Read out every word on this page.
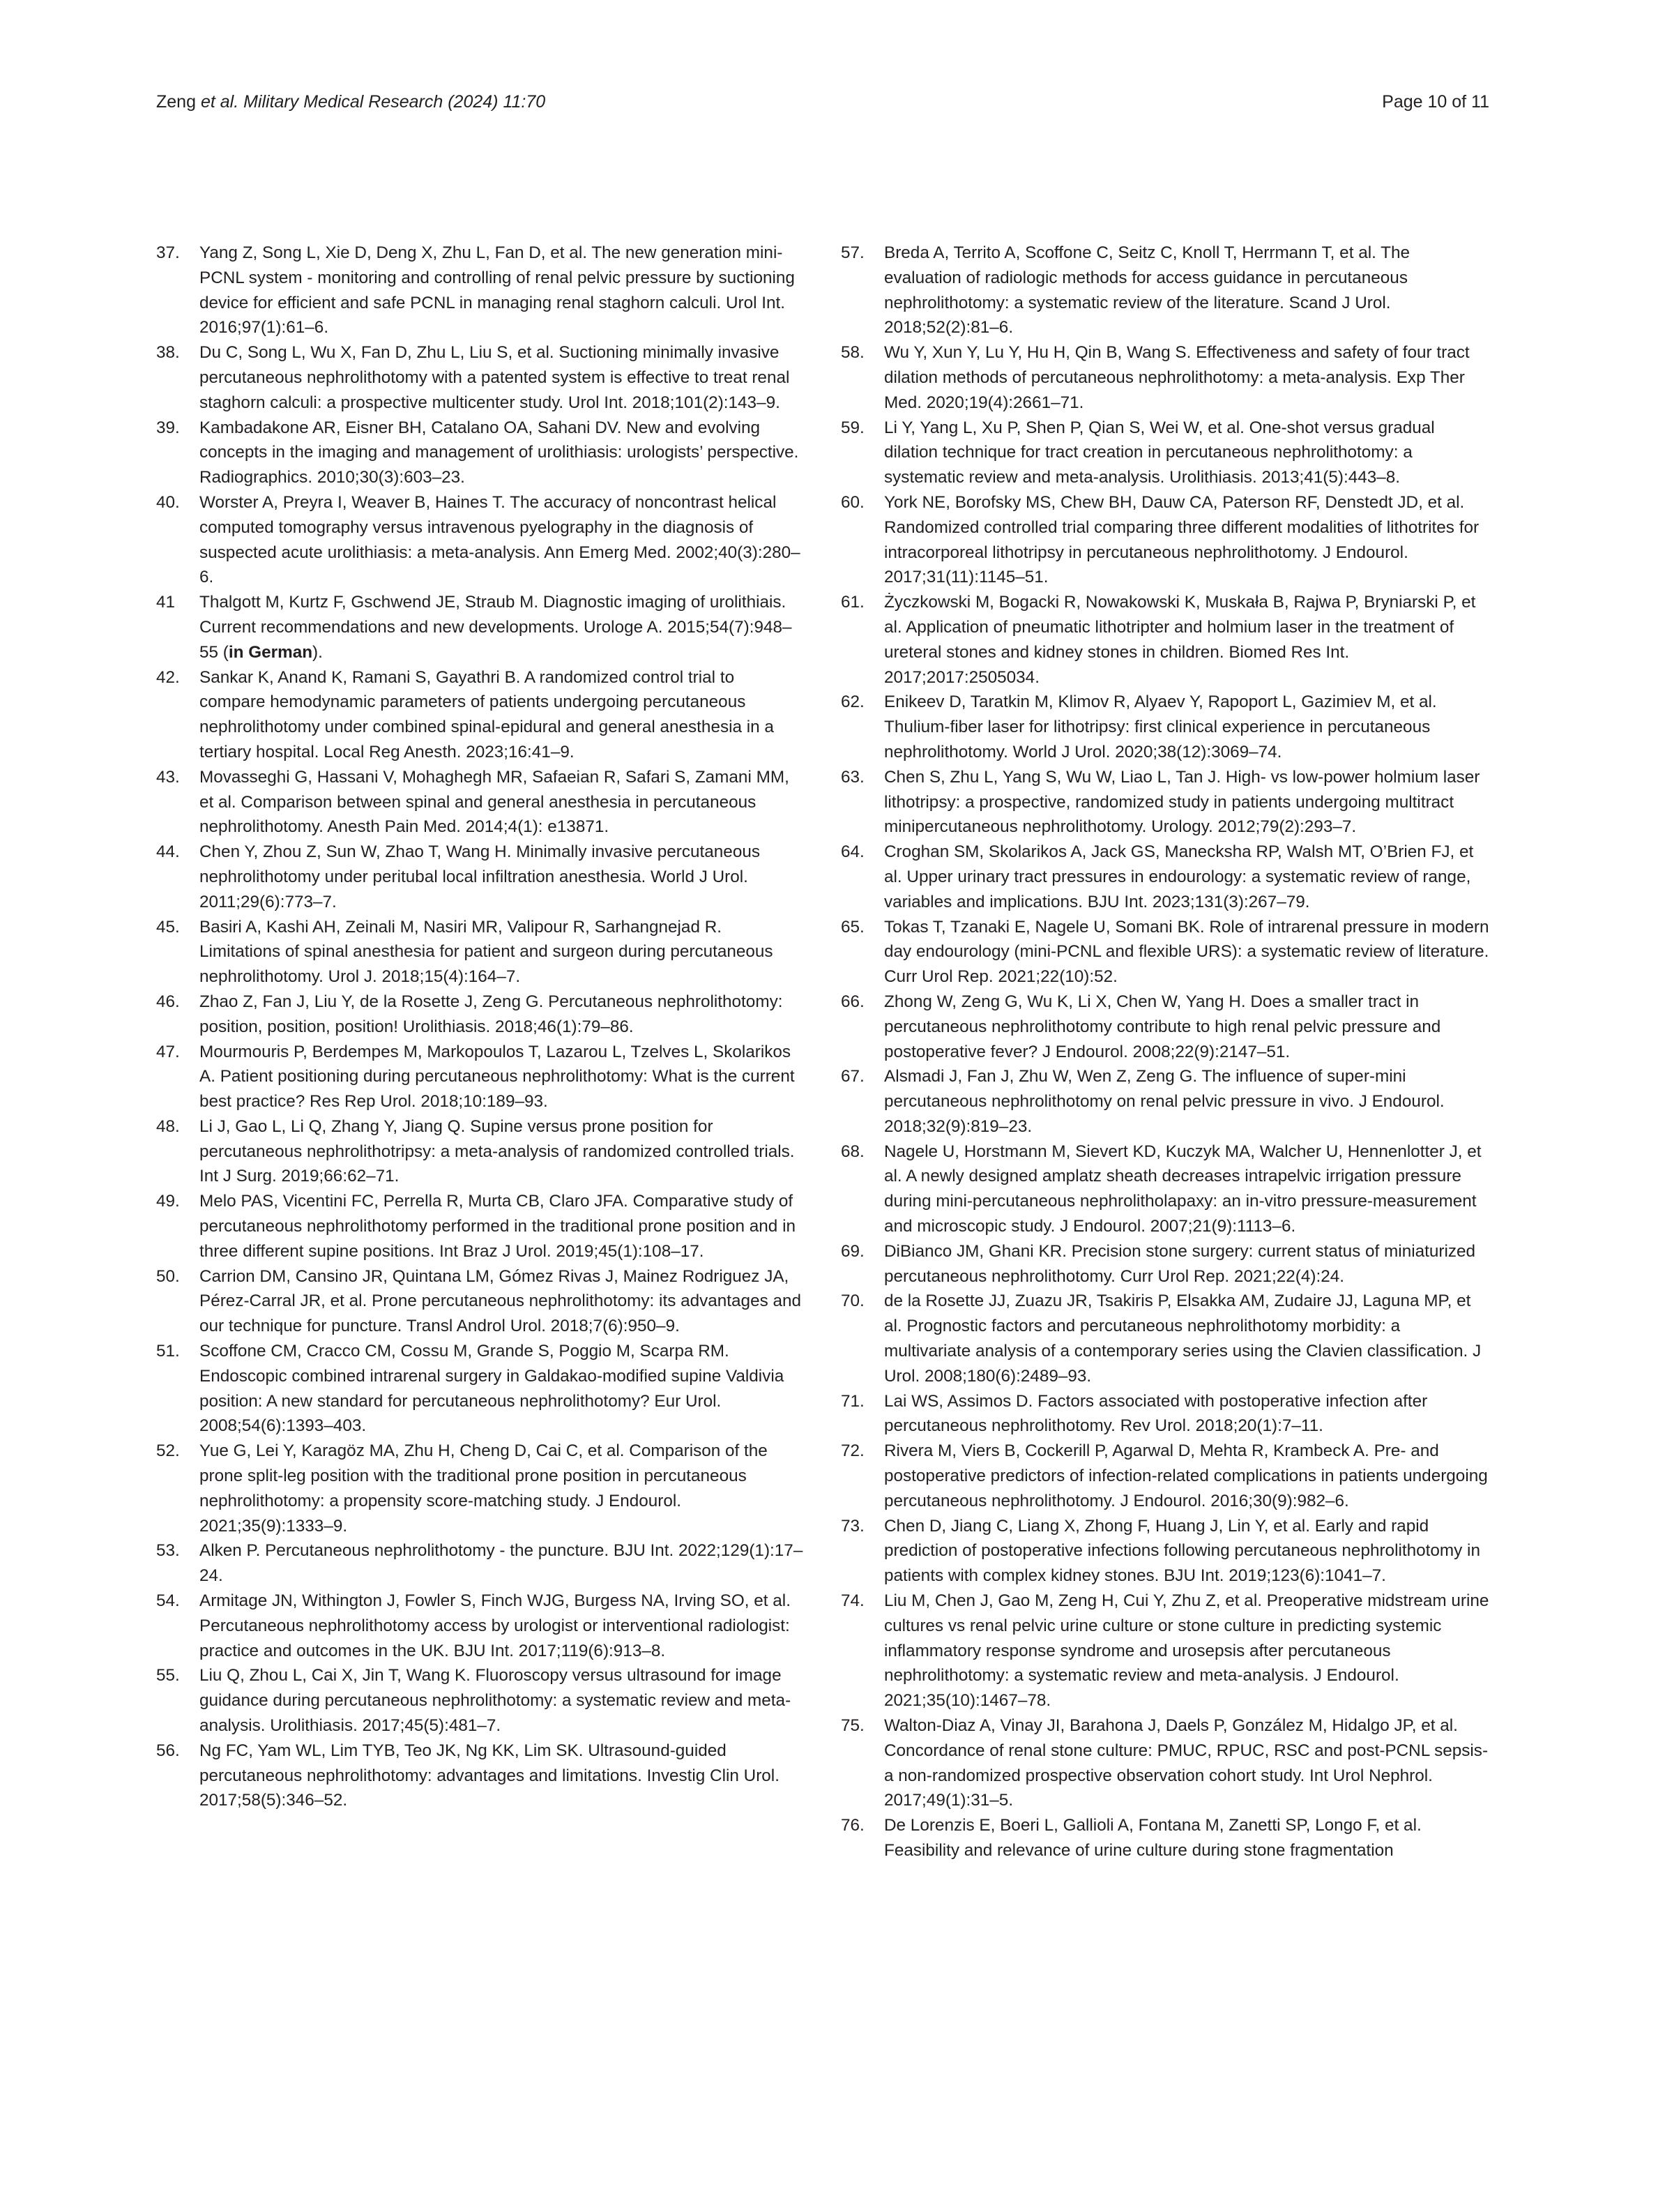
Zeng et al. Military Medical Research (2024) 11:70	Page 10 of 11
37.	Yang Z, Song L, Xie D, Deng X, Zhu L, Fan D, et al. The new generation mini-PCNL system - monitoring and controlling of renal pelvic pressure by suctioning device for efficient and safe PCNL in managing renal staghorn calculi. Urol Int. 2016;97(1):61–6.
38.	Du C, Song L, Wu X, Fan D, Zhu L, Liu S, et al. Suctioning minimally invasive percutaneous nephrolithotomy with a patented system is effective to treat renal staghorn calculi: a prospective multicenter study. Urol Int. 2018;101(2):143–9.
39.	Kambadakone AR, Eisner BH, Catalano OA, Sahani DV. New and evolving concepts in the imaging and management of urolithiasis: urologists’ perspective. Radiographics. 2010;30(3):603–23.
40.	Worster A, Preyra I, Weaver B, Haines T. The accuracy of noncontrast helical computed tomography versus intravenous pyelography in the diagnosis of suspected acute urolithiasis: a meta-analysis. Ann Emerg Med. 2002;40(3):280–6.
41	Thalgott M, Kurtz F, Gschwend JE, Straub M. Diagnostic imaging of urolithiais. Current recommendations and new developments. Urologe A. 2015;54(7):948–55 (in German).
42.	Sankar K, Anand K, Ramani S, Gayathri B. A randomized control trial to compare hemodynamic parameters of patients undergoing percutaneous nephrolithotomy under combined spinal-epidural and general anesthesia in a tertiary hospital. Local Reg Anesth. 2023;16:41–9.
43.	Movasseghi G, Hassani V, Mohaghegh MR, Safaeian R, Safari S, Zamani MM, et al. Comparison between spinal and general anesthesia in percutaneous nephrolithotomy. Anesth Pain Med. 2014;4(1): e13871.
44.	Chen Y, Zhou Z, Sun W, Zhao T, Wang H. Minimally invasive percutaneous nephrolithotomy under peritubal local infiltration anesthesia. World J Urol. 2011;29(6):773–7.
45.	Basiri A, Kashi AH, Zeinali M, Nasiri MR, Valipour R, Sarhangnejad R. Limitations of spinal anesthesia for patient and surgeon during percutaneous nephrolithotomy. Urol J. 2018;15(4):164–7.
46.	Zhao Z, Fan J, Liu Y, de la Rosette J, Zeng G. Percutaneous nephrolithotomy: position, position, position! Urolithiasis. 2018;46(1):79–86.
47.	Mourmouris P, Berdempes M, Markopoulos T, Lazarou L, Tzelves L, Skolarikos A. Patient positioning during percutaneous nephrolithotomy: What is the current best practice? Res Rep Urol. 2018;10:189–93.
48.	Li J, Gao L, Li Q, Zhang Y, Jiang Q. Supine versus prone position for percutaneous nephrolithotripsy: a meta-analysis of randomized controlled trials. Int J Surg. 2019;66:62–71.
49.	Melo PAS, Vicentini FC, Perrella R, Murta CB, Claro JFA. Comparative study of percutaneous nephrolithotomy performed in the traditional prone position and in three different supine positions. Int Braz J Urol. 2019;45(1):108–17.
50.	Carrion DM, Cansino JR, Quintana LM, Gómez Rivas J, Mainez Rodriguez JA, Pérez-Carral JR, et al. Prone percutaneous nephrolithotomy: its advantages and our technique for puncture. Transl Androl Urol. 2018;7(6):950–9.
51.	Scoffone CM, Cracco CM, Cossu M, Grande S, Poggio M, Scarpa RM. Endoscopic combined intrarenal surgery in Galdakao-modified supine Valdivia position: A new standard for percutaneous nephrolithotomy? Eur Urol. 2008;54(6):1393–403.
52.	Yue G, Lei Y, Karagöz MA, Zhu H, Cheng D, Cai C, et al. Comparison of the prone split-leg position with the traditional prone position in percutaneous nephrolithotomy: a propensity score-matching study. J Endourol. 2021;35(9):1333–9.
53.	Alken P. Percutaneous nephrolithotomy - the puncture. BJU Int. 2022;129(1):17–24.
54.	Armitage JN, Withington J, Fowler S, Finch WJG, Burgess NA, Irving SO, et al. Percutaneous nephrolithotomy access by urologist or interventional radiologist: practice and outcomes in the UK. BJU Int. 2017;119(6):913–8.
55.	Liu Q, Zhou L, Cai X, Jin T, Wang K. Fluoroscopy versus ultrasound for image guidance during percutaneous nephrolithotomy: a systematic review and meta-analysis. Urolithiasis. 2017;45(5):481–7.
56.	Ng FC, Yam WL, Lim TYB, Teo JK, Ng KK, Lim SK. Ultrasound-guided percutaneous nephrolithotomy: advantages and limitations. Investig Clin Urol. 2017;58(5):346–52.
57.	Breda A, Territo A, Scoffone C, Seitz C, Knoll T, Herrmann T, et al. The evaluation of radiologic methods for access guidance in percutaneous nephrolithotomy: a systematic review of the literature. Scand J Urol. 2018;52(2):81–6.
58.	Wu Y, Xun Y, Lu Y, Hu H, Qin B, Wang S. Effectiveness and safety of four tract dilation methods of percutaneous nephrolithotomy: a meta-analysis. Exp Ther Med. 2020;19(4):2661–71.
59.	Li Y, Yang L, Xu P, Shen P, Qian S, Wei W, et al. One-shot versus gradual dilation technique for tract creation in percutaneous nephrolithotomy: a systematic review and meta-analysis. Urolithiasis. 2013;41(5):443–8.
60.	York NE, Borofsky MS, Chew BH, Dauw CA, Paterson RF, Denstedt JD, et al. Randomized controlled trial comparing three different modalities of lithotrites for intracorporeal lithotripsy in percutaneous nephrolithotomy. J Endourol. 2017;31(11):1145–51.
61.	Życzkowski M, Bogacki R, Nowakowski K, Muskała B, Rajwa P, Bryniarski P, et al. Application of pneumatic lithotripter and holmium laser in the treatment of ureteral stones and kidney stones in children. Biomed Res Int. 2017;2017:2505034.
62.	Enikeev D, Taratkin M, Klimov R, Alyaev Y, Rapoport L, Gazimiev M, et al. Thulium-fiber laser for lithotripsy: first clinical experience in percutaneous nephrolithotomy. World J Urol. 2020;38(12):3069–74.
63.	Chen S, Zhu L, Yang S, Wu W, Liao L, Tan J. High- vs low-power holmium laser lithotripsy: a prospective, randomized study in patients undergoing multitract minipercutaneous nephrolithotomy. Urology. 2012;79(2):293–7.
64.	Croghan SM, Skolarikos A, Jack GS, Manecksha RP, Walsh MT, O’Brien FJ, et al. Upper urinary tract pressures in endourology: a systematic review of range, variables and implications. BJU Int. 2023;131(3):267–79.
65.	Tokas T, Tzanaki E, Nagele U, Somani BK. Role of intrarenal pressure in modern day endourology (mini-PCNL and flexible URS): a systematic review of literature. Curr Urol Rep. 2021;22(10):52.
66.	Zhong W, Zeng G, Wu K, Li X, Chen W, Yang H. Does a smaller tract in percutaneous nephrolithotomy contribute to high renal pelvic pressure and postoperative fever? J Endourol. 2008;22(9):2147–51.
67.	Alsmadi J, Fan J, Zhu W, Wen Z, Zeng G. The influence of super-mini percutaneous nephrolithotomy on renal pelvic pressure in vivo. J Endourol. 2018;32(9):819–23.
68.	Nagele U, Horstmann M, Sievert KD, Kuczyk MA, Walcher U, Hennenlotter J, et al. A newly designed amplatz sheath decreases intrapelvic irrigation pressure during mini-percutaneous nephrolitholapaxy: an in-vitro pressure-measurement and microscopic study. J Endourol. 2007;21(9):1113–6.
69.	DiBianco JM, Ghani KR. Precision stone surgery: current status of miniaturized percutaneous nephrolithotomy. Curr Urol Rep. 2021;22(4):24.
70.	de la Rosette JJ, Zuazu JR, Tsakiris P, Elsakka AM, Zudaire JJ, Laguna MP, et al. Prognostic factors and percutaneous nephrolithotomy morbidity: a multivariate analysis of a contemporary series using the Clavien classification. J Urol. 2008;180(6):2489–93.
71.	Lai WS, Assimos D. Factors associated with postoperative infection after percutaneous nephrolithotomy. Rev Urol. 2018;20(1):7–11.
72.	Rivera M, Viers B, Cockerill P, Agarwal D, Mehta R, Krambeck A. Pre- and postoperative predictors of infection-related complications in patients undergoing percutaneous nephrolithotomy. J Endourol. 2016;30(9):982–6.
73.	Chen D, Jiang C, Liang X, Zhong F, Huang J, Lin Y, et al. Early and rapid prediction of postoperative infections following percutaneous nephrolithotomy in patients with complex kidney stones. BJU Int. 2019;123(6):1041–7.
74.	Liu M, Chen J, Gao M, Zeng H, Cui Y, Zhu Z, et al. Preoperative midstream urine cultures vs renal pelvic urine culture or stone culture in predicting systemic inflammatory response syndrome and urosepsis after percutaneous nephrolithotomy: a systematic review and meta-analysis. J Endourol. 2021;35(10):1467–78.
75.	Walton-Diaz A, Vinay JI, Barahona J, Daels P, González M, Hidalgo JP, et al. Concordance of renal stone culture: PMUC, RPUC, RSC and post-PCNL sepsis-a non-randomized prospective observation cohort study. Int Urol Nephrol. 2017;49(1):31–5.
76.	De Lorenzis E, Boeri L, Gallioli A, Fontana M, Zanetti SP, Longo F, et al. Feasibility and relevance of urine culture during stone fragmentation
